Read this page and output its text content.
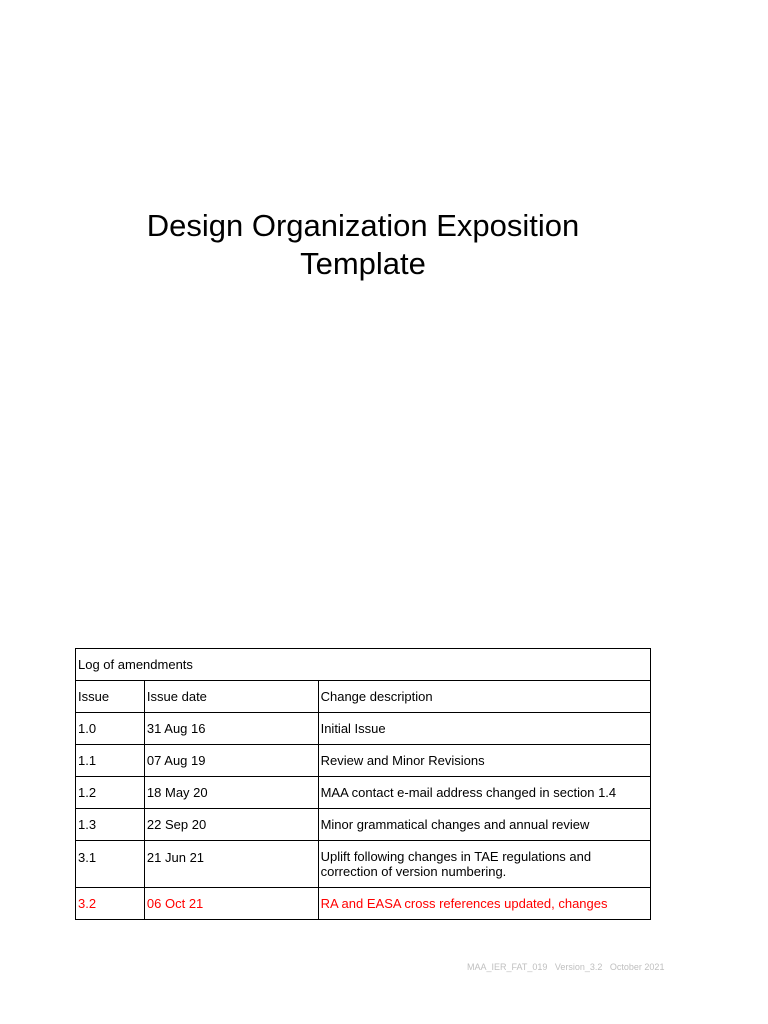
Design Organization Exposition
Template
Log of amendments		
Issue	Issue date	Change description
1.0	31 Aug 16	Initial Issue
1.1	07 Aug 19	Review and Minor Revisions
1.2	18 May 20	MAA contact e-mail address changed in section 1.4
1.3	22 Sep 20	Minor grammatical changes and annual review
3.1	21 Jun 21	Uplift following changes in TAE regulations and correction of version numbering.
3.2	06 Oct 21	RA and EASA cross references updated, changes
MAA_IER_FAT_019   Version_3.2   October 2021
